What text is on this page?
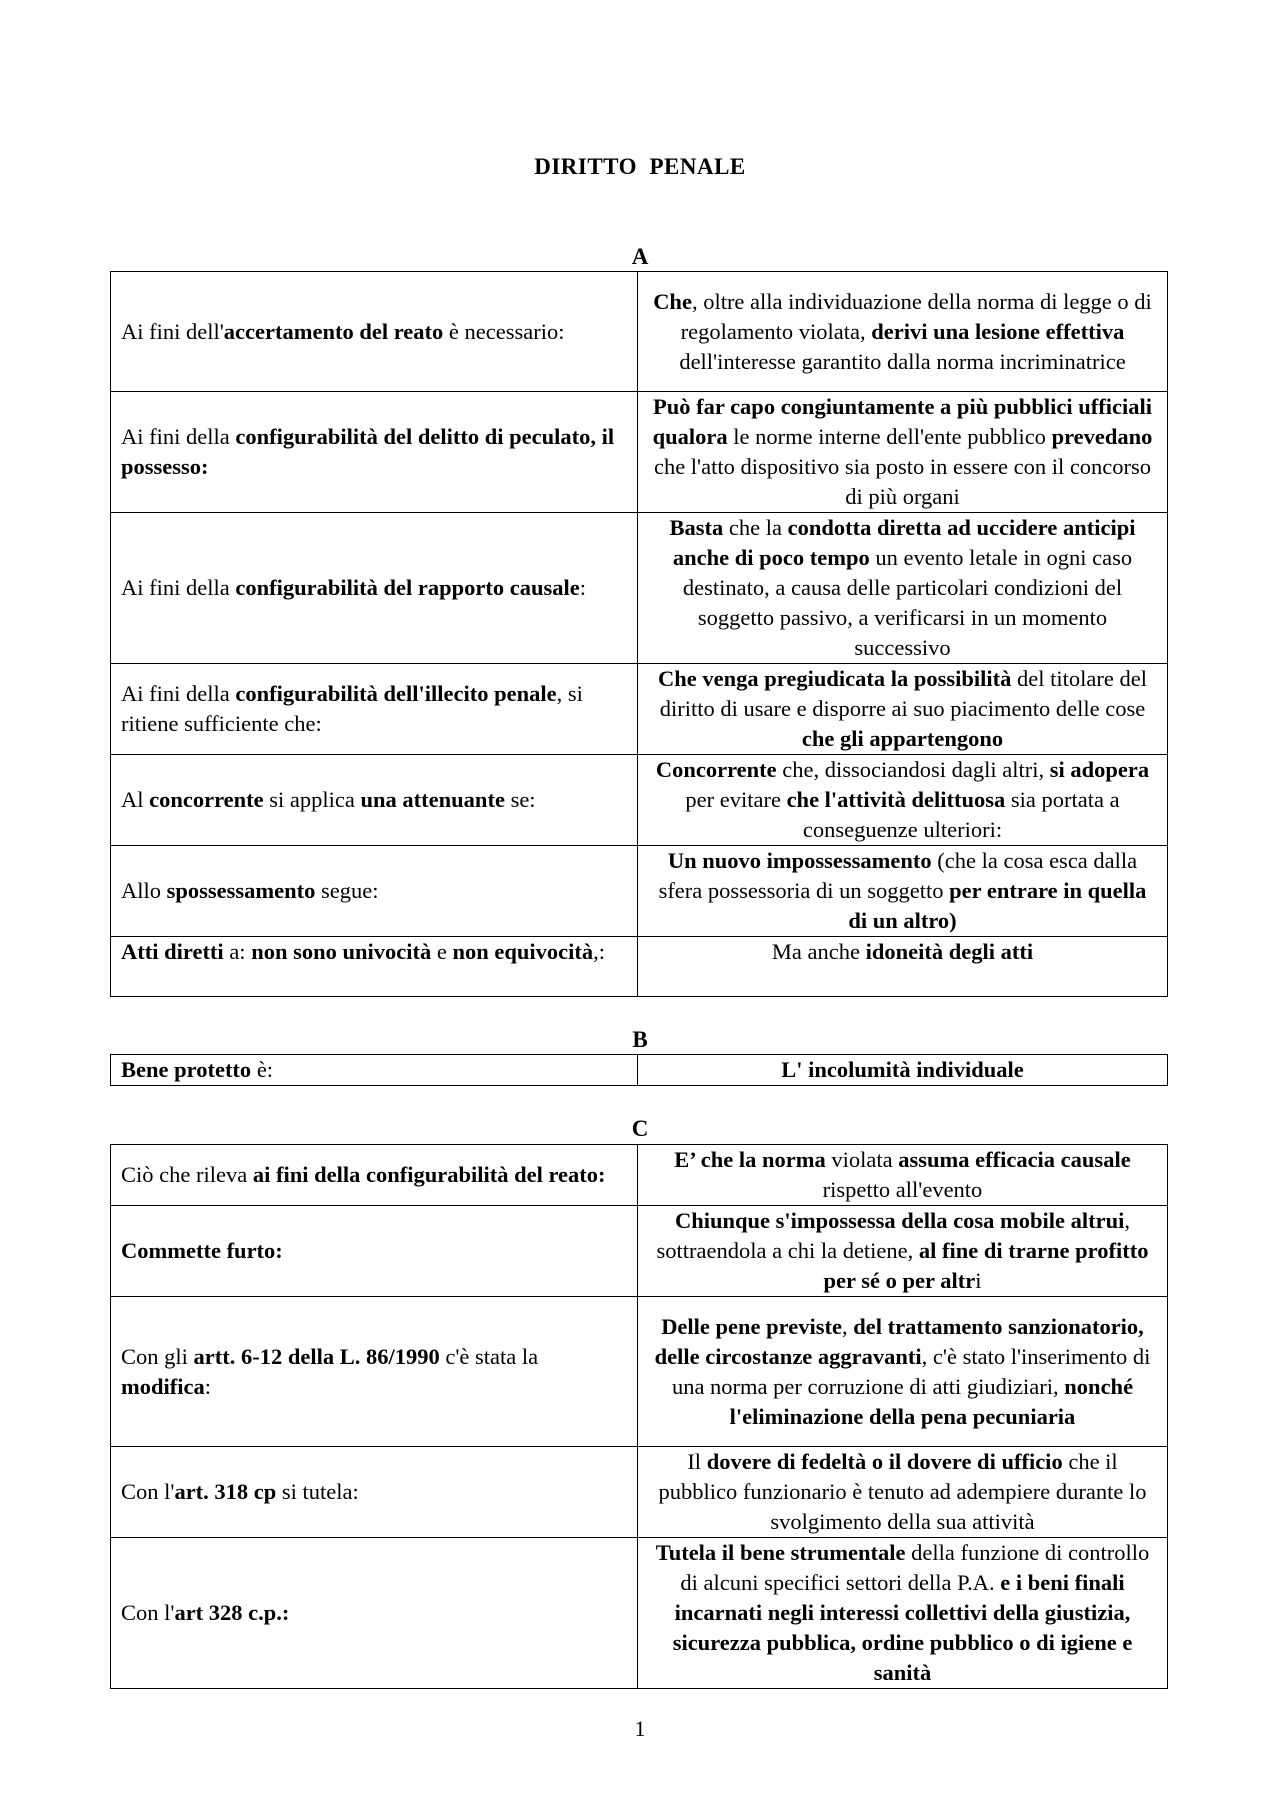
DIRITTO  PENALE
A
Ai fini dell'accertamento del reato è necessario:	Che, oltre alla individuazione della norma di legge o di regolamento violata, derivi una lesione effettiva dell'interesse garantito dalla norma incriminatrice
Ai fini della configurabilità del delitto di peculato, il possesso:	Può far capo congiuntamente a più pubblici ufficiali qualora le norme interne dell'ente pubblico prevedano che l'atto dispositivo sia posto in essere con il concorso di più organi
Ai fini della configurabilità del rapporto causale:	Basta che la condotta diretta ad uccidere anticipi anche di poco tempo un evento letale in ogni caso destinato, a causa delle particolari condizioni del soggetto passivo, a verificarsi in un momento successivo
Ai fini della configurabilità dell'illecito penale, si ritiene sufficiente che:	Che venga pregiudicata la possibilità del titolare del diritto di usare e disporre ai suo piacimento delle cose che gli appartengono
Al concorrente si applica una attenuante se:	Concorrente che, dissociandosi dagli altri, si adopera per evitare che l'attività delittuosa sia portata a conseguenze ulteriori:
Allo spossessamento segue:	Un nuovo impossessamento (che la cosa esca dalla sfera possessoria di un soggetto per entrare in quella di un altro)
Atti diretti a: non sono univocità e non equivocità,:	Ma anche idoneità degli atti
B
Bene protetto è:	L' incolumità individuale
C
Ciò che rileva ai fini della configurabilità del reato:	E’ che la norma violata assuma efficacia causale rispetto all'evento
Commette furto:	Chiunque s'impossessa della cosa mobile altrui, sottraendola a chi la detiene, al fine di trarne profitto per sé o per altri
Con gli artt. 6-12 della L. 86/1990 c'è stata la modifica:	Delle pene previste, del trattamento sanzionatorio, delle circostanze aggravanti, c'è stato l'inserimento di una norma per corruzione di atti giudiziari, nonché l'eliminazione della pena pecuniaria
Con l'art. 318 cp si tutela:	Il dovere di fedeltà o il dovere di ufficio che il pubblico funzionario è tenuto ad adempiere durante lo svolgimento della sua attività
Con l'art 328 c.p.:	Tutela il bene strumentale della funzione di controllo di alcuni specifici settori della P.A. e i beni finali incarnati negli interessi collettivi della giustizia, sicurezza pubblica, ordine pubblico o di igiene e sanità
1
